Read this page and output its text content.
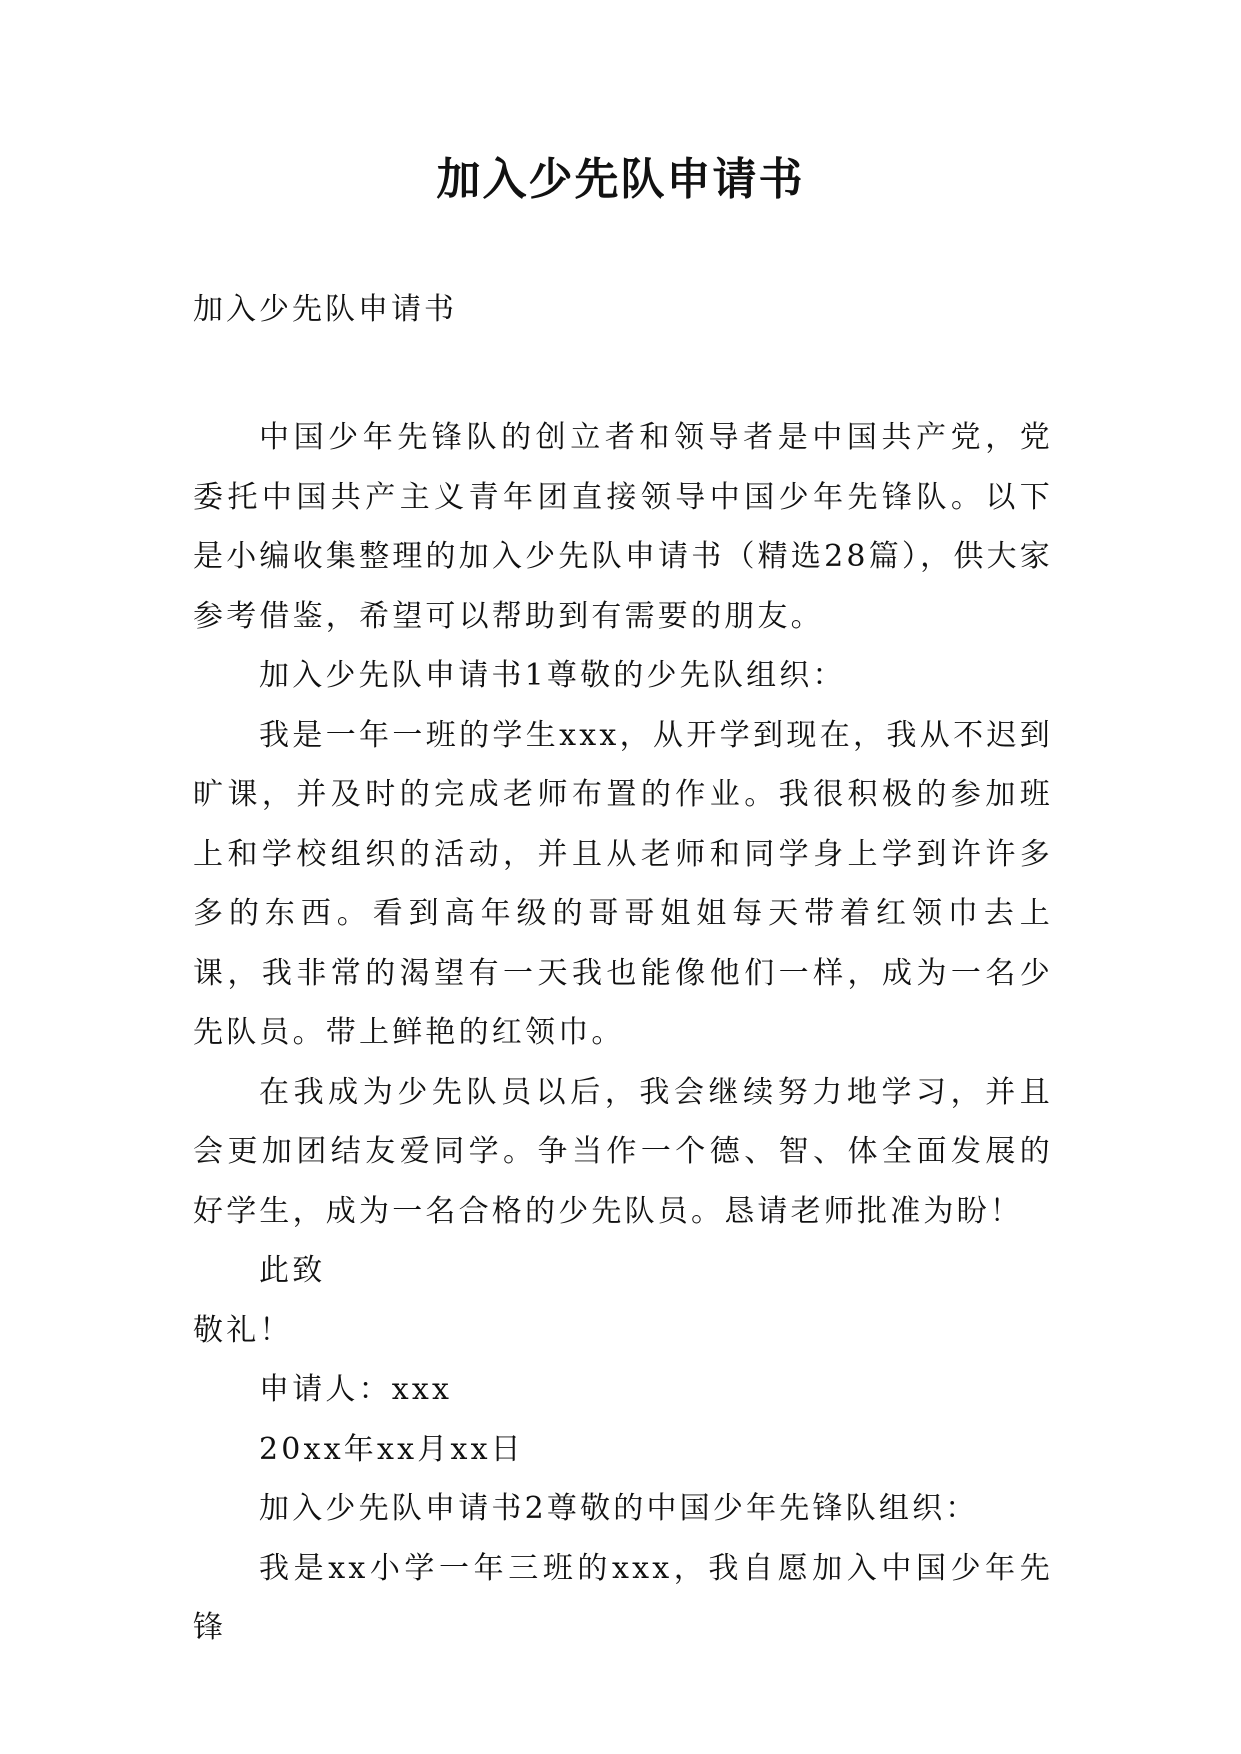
加入少先队申请书
加入少先队申请书

中国少年先锋队的创立者和领导者是中国共产党，党委托中国共产主义青年团直接领导中国少年先锋队。以下是小编收集整理的加入少先队申请书（精选28篇），供大家参考借鉴，希望可以帮助到有需要的朋友。

加入少先队申请书1尊敬的少先队组织：

我是一年一班的学生xxx，从开学到现在，我从不迟到旷课，并及时的完成老师布置的作业。我很积极的参加班上和学校组织的活动，并且从老师和同学身上学到许许多多的东西。看到高年级的哥哥姐姐每天带着红领巾去上课，我非常的渴望有一天我也能像他们一样，成为一名少先队员。带上鲜艳的红领巾。

在我成为少先队员以后，我会继续努力地学习，并且会更加团结友爱同学。争当作一个德、智、体全面发展的好学生，成为一名合格的少先队员。恳请老师批准为盼！

此致

敬礼！

申请人：xxx

20xx年xx月xx日

加入少先队申请书2尊敬的中国少年先锋队组织：

我是xx小学一年三班的xxx，我自愿加入中国少年先锋
